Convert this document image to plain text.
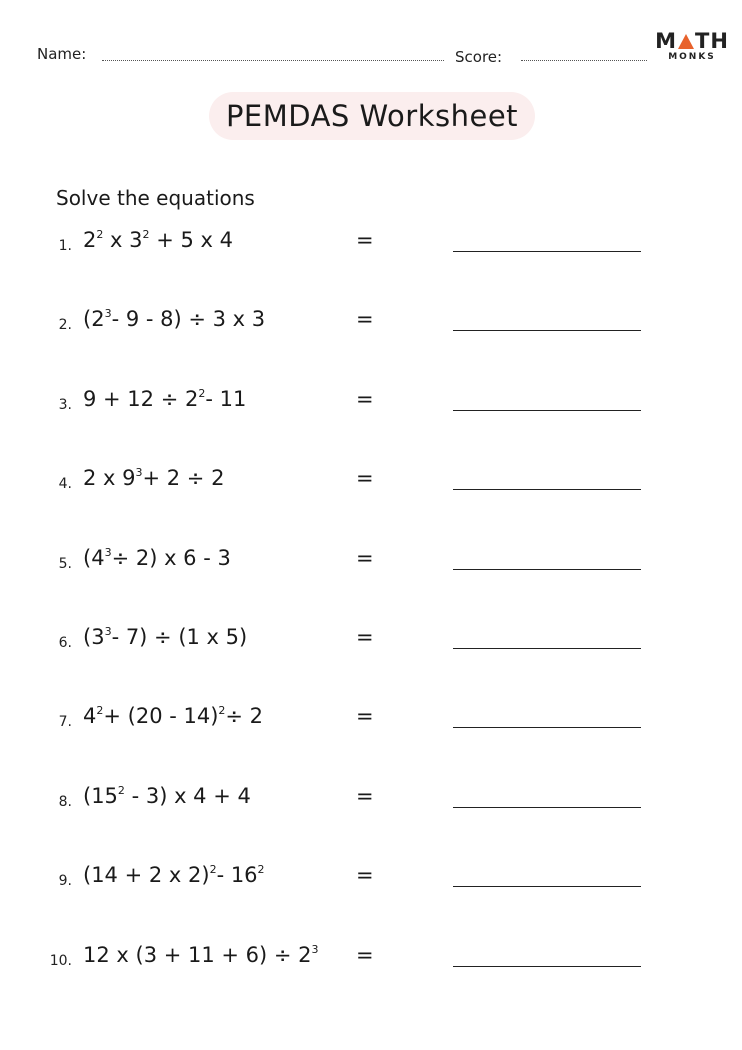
Name:	Score:
M TH
MONKS
PEMDAS Worksheet
Solve the equations
1. $2^2$ x $3^2 + 5$ x 4	=
2. ($2^3-$ 9 - 8) ÷ 3 x 3	=
3. $9 + 12 \div 2^2-$ 11	=
4. 2 x $9^3+ 2 \div 2$	=
5. $(4^3\div 2)$ x 6 - 3	=
6. ($3^3-$ 7) ÷ (1 x 5)	=
7. $4^2+ (20 - 14)^2\div 2$	=
8. $(15^2 - 3)$ x 4 + 4	=
9. (14 + 2 x 2)$^2$- $16^2$	=
10. 12 x $(3 + 11 + 6) \div 2^3$ =
